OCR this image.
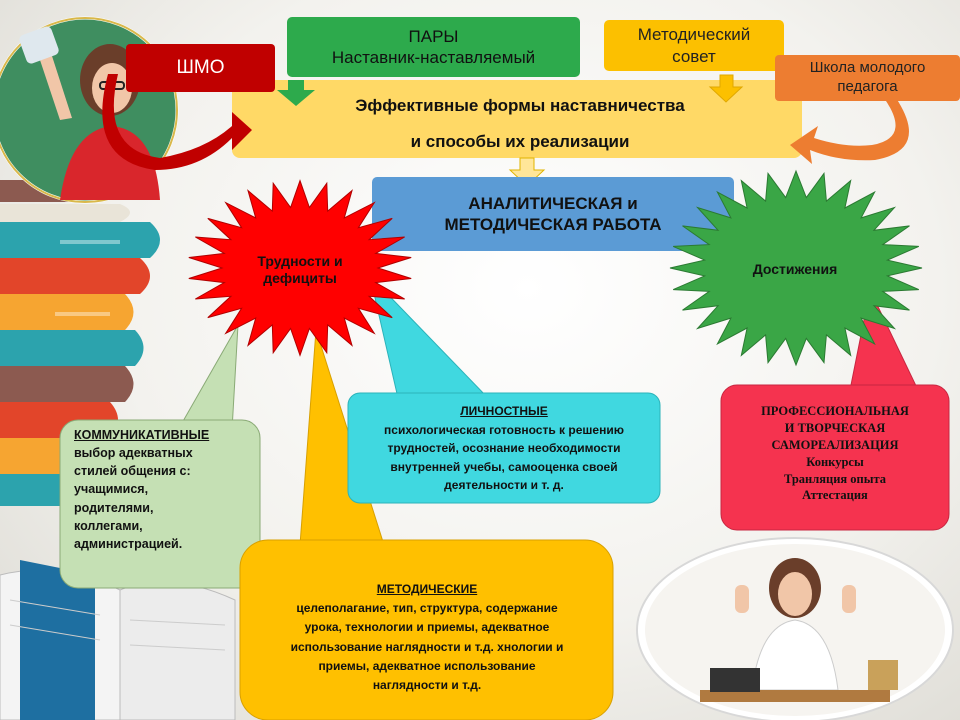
ПАРЫ
Наставник-наставляемый
ШМО
Методический
совет
Школа молодого
педагога
Эффективные формы наставничества
и способы их реализации
АНАЛИТИЧЕСКАЯ и
МЕТОДИЧЕСКАЯ РАБОТА
Трудности и
дефициты
Достижения
КОММУНИКАТИВНЫЕ
выбор адекватных
стилей общения с:
учащимися,
родителями,
коллегами,
администрацией.
ЛИЧНОСТНЫЕ
психологическая готовность к решению
трудностей, осознание необходимости
внутренней учебы, самооценка своей
деятельности и т. д.
МЕТОДИЧЕСКИЕ
целеполагание, тип, структура, содержание
урока, технологии и приемы, адекватное
использование наглядности и т.д. хнологии и
приемы, адекватное использование
наглядности и т.д.
ПРОФЕССИОНАЛЬНАЯ
И ТВОРЧЕСКАЯ
САМОРЕАЛИЗАЦИЯ
Конкурсы
Транляция опыта
Аттестация
